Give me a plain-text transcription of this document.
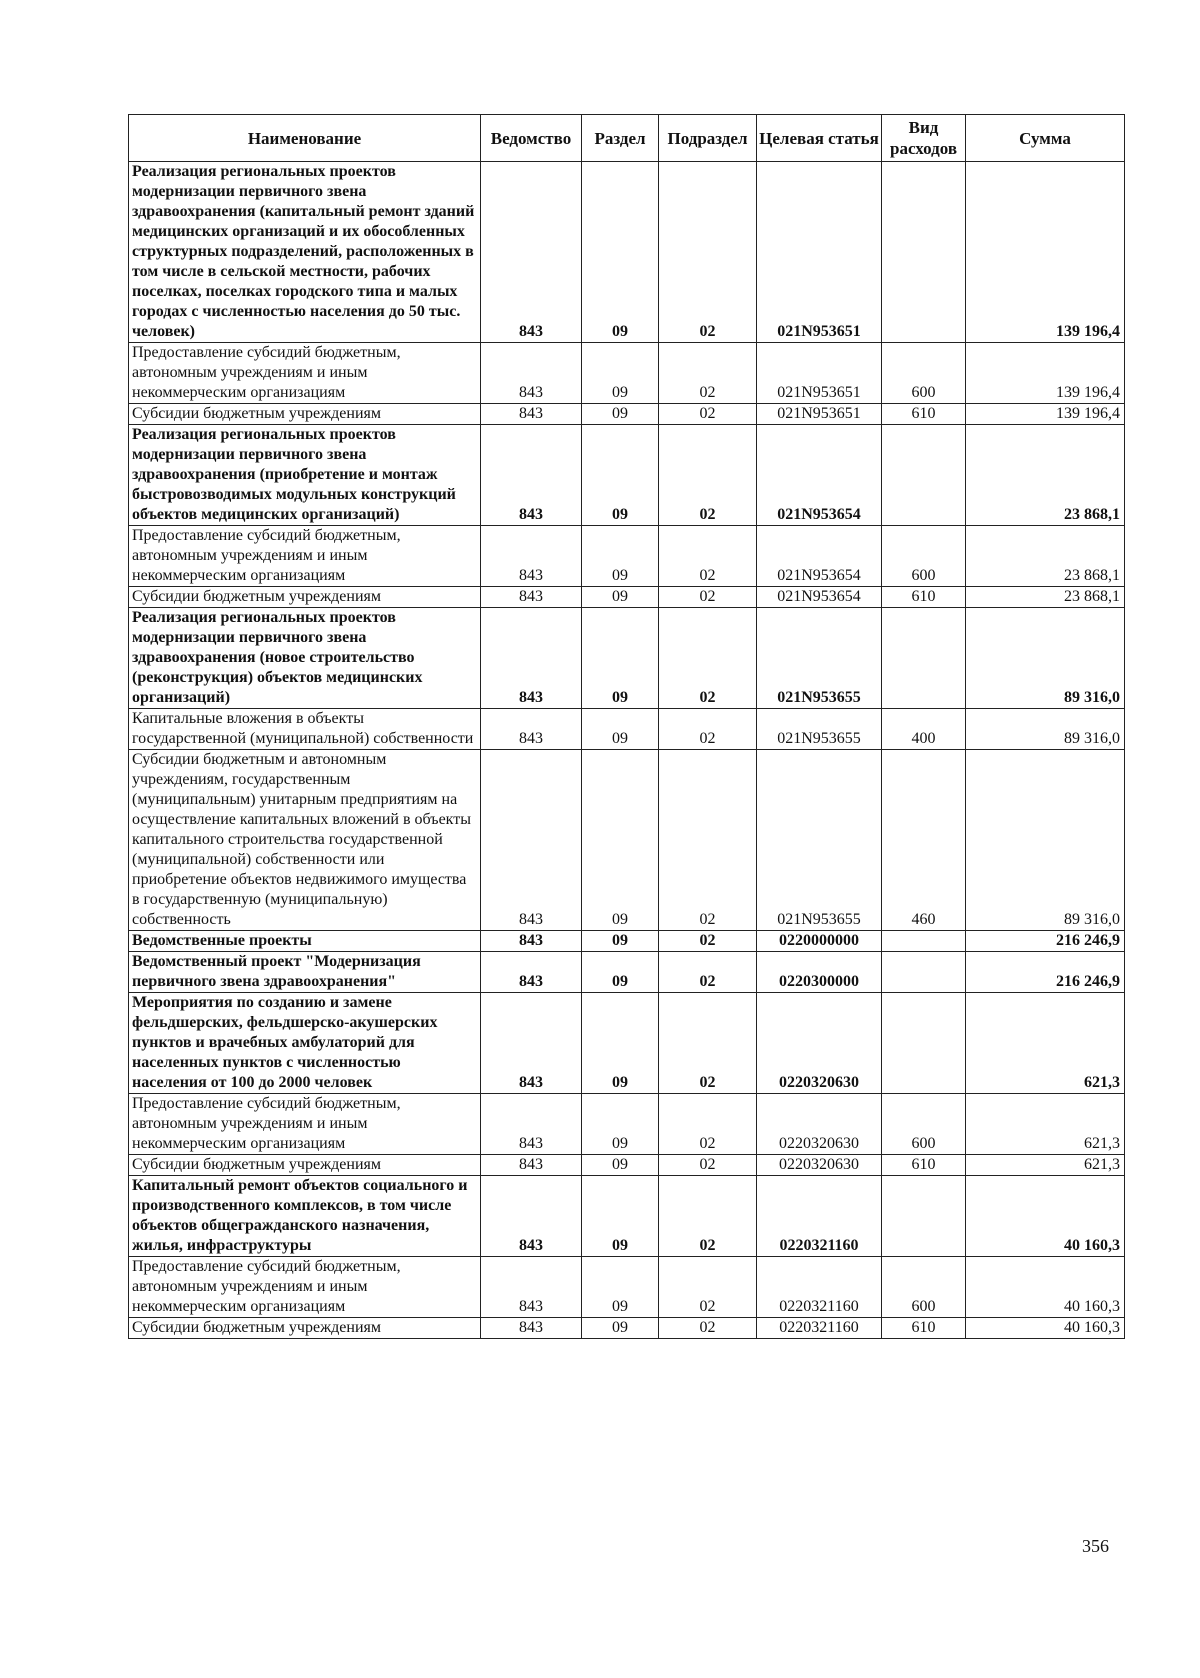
Наименование	Ведомство	Раздел	Подраздел	Целевая статья	Вид расходов	Сумма
Реализация региональных проектов модернизации первичного звена здравоохранения (капитальный ремонт зданий медицинских организаций и их обособленных структурных подразделений, расположенных в том числе в сельской местности, рабочих поселках, поселках городского типа и малых городах с численностью населения до 50 тыс. человек)	843	09	02	021N953651		139 196,4
Предоставление субсидий бюджетным, автономным учреждениям и иным некоммерческим организациям	843	09	02	021N953651	600	139 196,4
Субсидии бюджетным учреждениям	843	09	02	021N953651	610	139 196,4
Реализация региональных проектов модернизации первичного звена здравоохранения (приобретение и монтаж быстровозводимых модульных конструкций объектов медицинских организаций)	843	09	02	021N953654		23 868,1
Предоставление субсидий бюджетным, автономным учреждениям и иным некоммерческим организациям	843	09	02	021N953654	600	23 868,1
Субсидии бюджетным учреждениям	843	09	02	021N953654	610	23 868,1
Реализация региональных проектов модернизации первичного звена здравоохранения (новое строительство (реконструкция) объектов медицинских организаций)	843	09	02	021N953655		89 316,0
Капитальные вложения в объекты государственной (муниципальной) собственности	843	09	02	021N953655	400	89 316,0
Субсидии бюджетным и автономным учреждениям, государственным (муниципальным) унитарным предприятиям на осуществление капитальных вложений в объекты капитального строительства государственной (муниципальной) собственности или приобретение объектов недвижимого имущества в государственную (муниципальную) собственность	843	09	02	021N953655	460	89 316,0
Ведомственные проекты	843	09	02	0220000000		216 246,9
Ведомственный проект "Модернизация первичного звена здравоохранения"	843	09	02	0220300000		216 246,9
Мероприятия по созданию и замене фельдшерских, фельдшерско-акушерских пунктов и врачебных амбулаторий для населенных пунктов с численностью населения от 100 до 2000 человек	843	09	02	0220320630		621,3
Предоставление субсидий бюджетным, автономным учреждениям и иным некоммерческим организациям	843	09	02	0220320630	600	621,3
Субсидии бюджетным учреждениям	843	09	02	0220320630	610	621,3
Капитальный ремонт объектов социального и производственного комплексов, в том числе объектов общегражданского назначения, жилья, инфраструктуры	843	09	02	0220321160		40 160,3
Предоставление субсидий бюджетным, автономным учреждениям и иным некоммерческим организациям	843	09	02	0220321160	600	40 160,3
Субсидии бюджетным учреждениям	843	09	02	0220321160	610	40 160,3
356
